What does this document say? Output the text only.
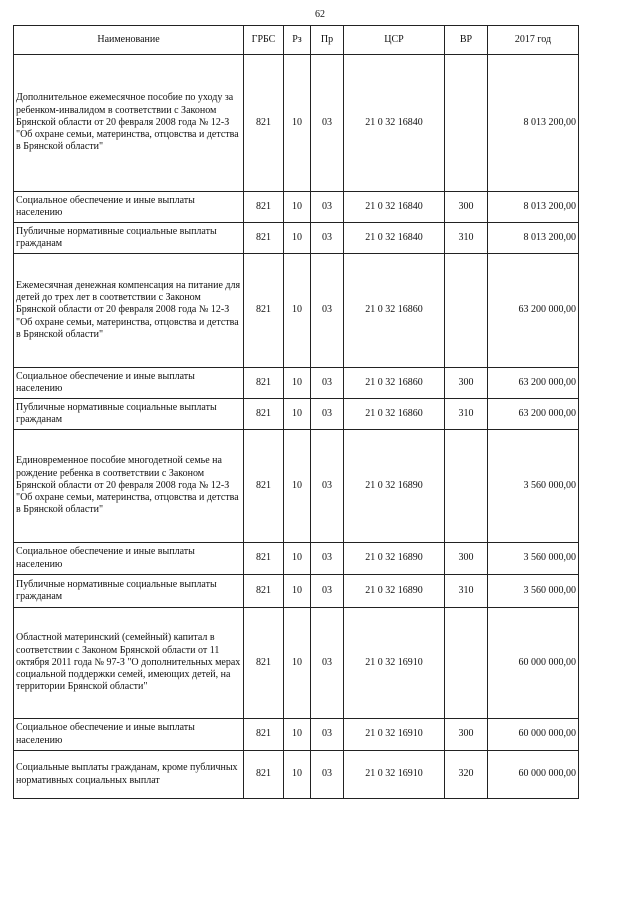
62
Наименование	ГРБС	Рз	Пр	ЦСР	ВР	2017 год
Дополнительное ежемесячное пособие по уходу за ребенком-инвалидом в соответствии с Законом Брянской области от 20 февраля 2008 года № 12-З "Об охране семьи, материнства, отцовства и детства в Брянской области"	821	10	03	21 0 32 16840		8 013 200,00
Социальное обеспечение и иные выплаты населению	821	10	03	21 0 32 16840	300	8 013 200,00
Публичные нормативные социальные выплаты гражданам	821	10	03	21 0 32 16840	310	8 013 200,00
Ежемесячная денежная компенсация на питание для детей до трех лет в соответствии с Законом Брянской области от 20 февраля 2008 года № 12-З "Об охране семьи, материнства, отцовства и детства в Брянской области"	821	10	03	21 0 32 16860		63 200 000,00
Социальное обеспечение и иные выплаты населению	821	10	03	21 0 32 16860	300	63 200 000,00
Публичные нормативные социальные выплаты гражданам	821	10	03	21 0 32 16860	310	63 200 000,00
Единовременное пособие многодетной семье на рождение ребенка в соответствии с Законом Брянской области от 20 февраля 2008 года № 12-З "Об охране семьи, материнства, отцовства и детства в Брянской области"	821	10	03	21 0 32 16890		3 560 000,00
Социальное обеспечение и иные выплаты населению	821	10	03	21 0 32 16890	300	3 560 000,00
Публичные нормативные социальные выплаты гражданам	821	10	03	21 0 32 16890	310	3 560 000,00
Областной материнский (семейный) капитал в соответствии с Законом Брянской области от 11 октября 2011 года № 97-З "О дополнительных мерах социальной поддержки семей, имеющих детей, на территории Брянской области"	821	10	03	21 0 32 16910		60 000 000,00
Социальное обеспечение и иные выплаты населению	821	10	03	21 0 32 16910	300	60 000 000,00
Социальные выплаты гражданам, кроме публичных нормативных социальных выплат	821	10	03	21 0 32 16910	320	60 000 000,00
